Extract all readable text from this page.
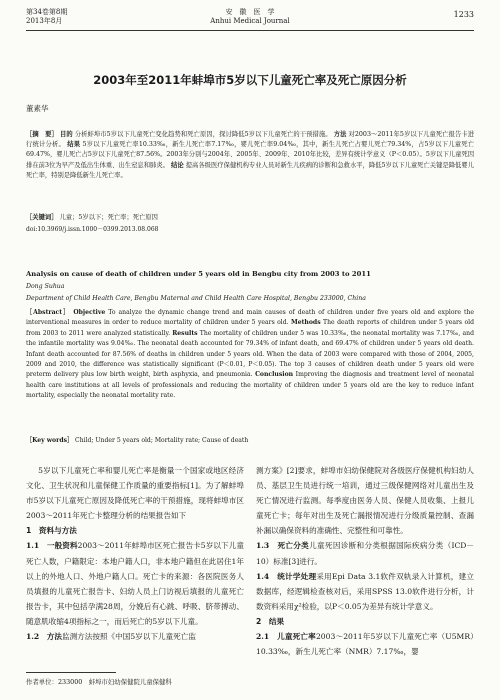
第34卷第8期
2013年8月
安　徽　医　学
Anhui Medical Journal
1233
2003年至2011年蚌埠市5岁以下儿童死亡率及死亡原因分析
董素华
［摘　要］ 目的 分析蚌埠市5岁以下儿童死亡变化趋势和死亡原因，探讨降低5岁以下儿童死亡的干预措施。 方法 对2003～2011年5岁以下儿童死亡报告卡进行统计分析。 结果 5岁以下儿童死亡率10.33‰，新生儿死亡率7.17‰，婴儿死亡率9.04‰，其中，新生儿死亡占婴儿死亡79.34%，占5岁以下儿童死亡69.47%，婴儿死亡占5岁以下儿童死亡87.56%。2003年分别与2004年、2005年、2009年、2010年比较，差异有统计学意义（P＜0.05）。5岁以下儿童死因排在前3位为早产及低出生体重、出生窒息和肺炎。 结论 提高各级医疗保健机构专业人员对新生儿疾病的诊断和急救水平，降低5岁以下儿童死亡关键是降低婴儿死亡率，特别是降低新生儿死亡率。
［关键词］ 儿童；5岁以下；死亡率；死亡原因
doi:10.3969/j.issn.1000－0399.2013.08.068
Analysis on cause of death of children under 5 years old in Bengbu city from 2003 to 2011
Dong Suhua
Department of Child Health Care, Bengbu Maternal and Child Health Care Hospital, Bengbu 233000, China
［Abstract］ Objective To analyze the dynamic change trend and main causes of death of children under five years old and explore the interventional measures in order to reduce mortality of children under 5 years old. Methods The death reports of children under 5 years old from 2003 to 2011 were analyzed statistically. Results The mortality of children under 5 was 10.33‰, the neonatal mortality was 7.17‰, and the infantile mortality was 9.04‰. The neonatal death accounted for 79.34% of infant death, and 69.47% of children under 5 years old death. Infant death accounted for 87.56% of deaths in children under 5 years old. When the data of 2003 were compared with those of 2004, 2005, 2009 and 2010, the difference was statistically significant (P＜0.01, P＜0.05). The top 3 causes of children death under 5 years old were preterm delivery plus low birth weight, birth asphyxia, and pneumonia. Conclusion Improving the diagnosis and treatment level of neonatal health care institutions at all levels of professionals and reducing the mortality of children under 5 years old are the key to reduce infant mortality, especially the neonatal mortality rate.
［Key words］ Child; Under 5 years old; Mortality rate; Cause of death

5岁以下儿童死亡率和婴儿死亡率是衡量一个国家或地区经济文化、卫生状况和儿童保健工作质量的重要指标[1]。为了解蚌埠市5岁以下儿童死亡原因及降低死亡率的干预措施，现将蚌埠市区2003～2011年死亡卡整理分析的结果报告如下

1　资料与方法

1.1　一般资料2003～2011年蚌埠市区死亡报告卡5岁以下儿童死亡人数，户籍限定：本地户籍人口，非本地户籍但在此居住1年以上的外地人口、外地户籍人口。死亡卡的来源：各医院医务人员填报的儿童死亡报告卡、妇幼人员上门访视后填报的儿童死亡报告卡，其中包括孕满28周，分娩后有心跳、呼吸、脐带搏动、随意肌收缩4项指标之一，而后死亡的5岁以下儿童。

1.2　方法监测方法按照《中国5岁以下儿童死亡监

测方案》[2]要求，蚌埠市妇幼保健院对各级医疗保健机构妇幼人员、基层卫生员进行统一培训，通过三级保健网络对儿童出生及死亡情况进行监测。每季度由医务人员、保健人员收集、上报儿童死亡卡；每年对出生及死亡漏报情况进行分级质量控制、查漏补漏以确保资料的准确性、完整性和可靠性。

1.3　死亡分类儿童死因诊断和分类根据国际疾病分类（ICD－10）标准[3]进行。

1.4　统计学处理采用Epi Data 3.1软件双轨录入计算机，建立数据库，经逻辑检查核对后，采用SPSS 13.0软件进行分析，计数资料采用χ²检验，以P＜0.05为差异有统计学意义。

2　结果

2.1　儿童死亡率2003～2011年5岁以下儿童死亡率（U5MR）10.33‰，新生儿死亡率（NMR）7.17‰，婴

作者单位：233000　蚌埠市妇幼保健院儿童保健科
